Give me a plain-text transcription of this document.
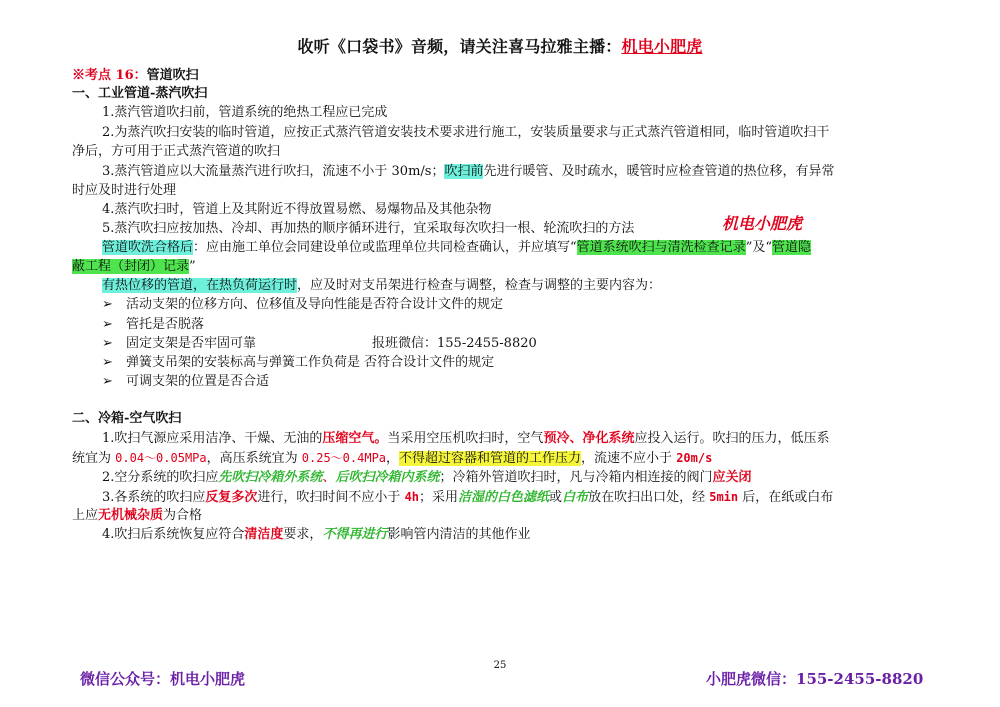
收听《口袋书》音频，请关注喜马拉雅主播：机电小肥虎
※考点 16：管道吹扫
一、工业管道-蒸汽吹扫
1.蒸汽管道吹扫前，管道系统的绝热工程应已完成
2.为蒸汽吹扫安装的临时管道，应按正式蒸汽管道安装技术要求进行施工，安装质量要求与正式蒸汽管道相同，临时管道吹扫干
净后，方可用于正式蒸汽管道的吹扫
3.蒸汽管道应以大流量蒸汽进行吹扫，流速不小于 30m/s；吹扫前先进行暖管、及时疏水，暖管时应检查管道的热位移，有异常
时应及时进行处理
4.蒸汽吹扫时，管道上及其附近不得放置易燃、易爆物品及其他杂物
5.蒸汽吹扫应按加热、冷却、再加热的顺序循环进行，宜采取每次吹扫一根、轮流吹扫的方法	机电小肥虎
管道吹洗合格后：应由施工单位会同建设单位或监理单位共同检查确认，并应填写“管道系统吹扫与清洗检查记录”及“管道隐
蔽工程（封闭）记录”
有热位移的管道，在热负荷运行时，应及时对支吊架进行检查与调整，检查与调整的主要内容为：
➢ 活动支架的位移方向、位移值及导向性能是否符合设计文件的规定
➢ 管托是否脱落
➢ 固定支架是否牢固可靠	报班微信：155-2455-8820
➢ 弹簧支吊架的安装标高与弹簧工作负荷是 否符合设计文件的规定
➢ 可调支架的位置是否合适
二、冷箱-空气吹扫
1.吹扫气源应采用洁净、干燥、无油的压缩空气。当采用空压机吹扫时，空气预冷、净化系统应投入运行。吹扫的压力，低压系
统宜为 0.04～0.05MPa，高压系统宜为 0.25～0.4MPa，不得超过容器和管道的工作压力，流速不应小于 20m/s
2.空分系统的吹扫应先吹扫冷箱外系统、后吹扫冷箱内系统；冷箱外管道吹扫时，凡与冷箱内相连接的阀门应关闭
3.各系统的吹扫应反复多次进行，吹扫时间不应小于 4h；采用洁湿的白色滤纸或白布放在吹扫出口处，经 5min 后，在纸或白布
上应无机械杂质为合格
4.吹扫后系统恢复应符合清洁度要求，不得再进行影响管内清洁的其他作业
25
微信公众号：机电小肥虎	小肥虎微信：155-2455-8820
